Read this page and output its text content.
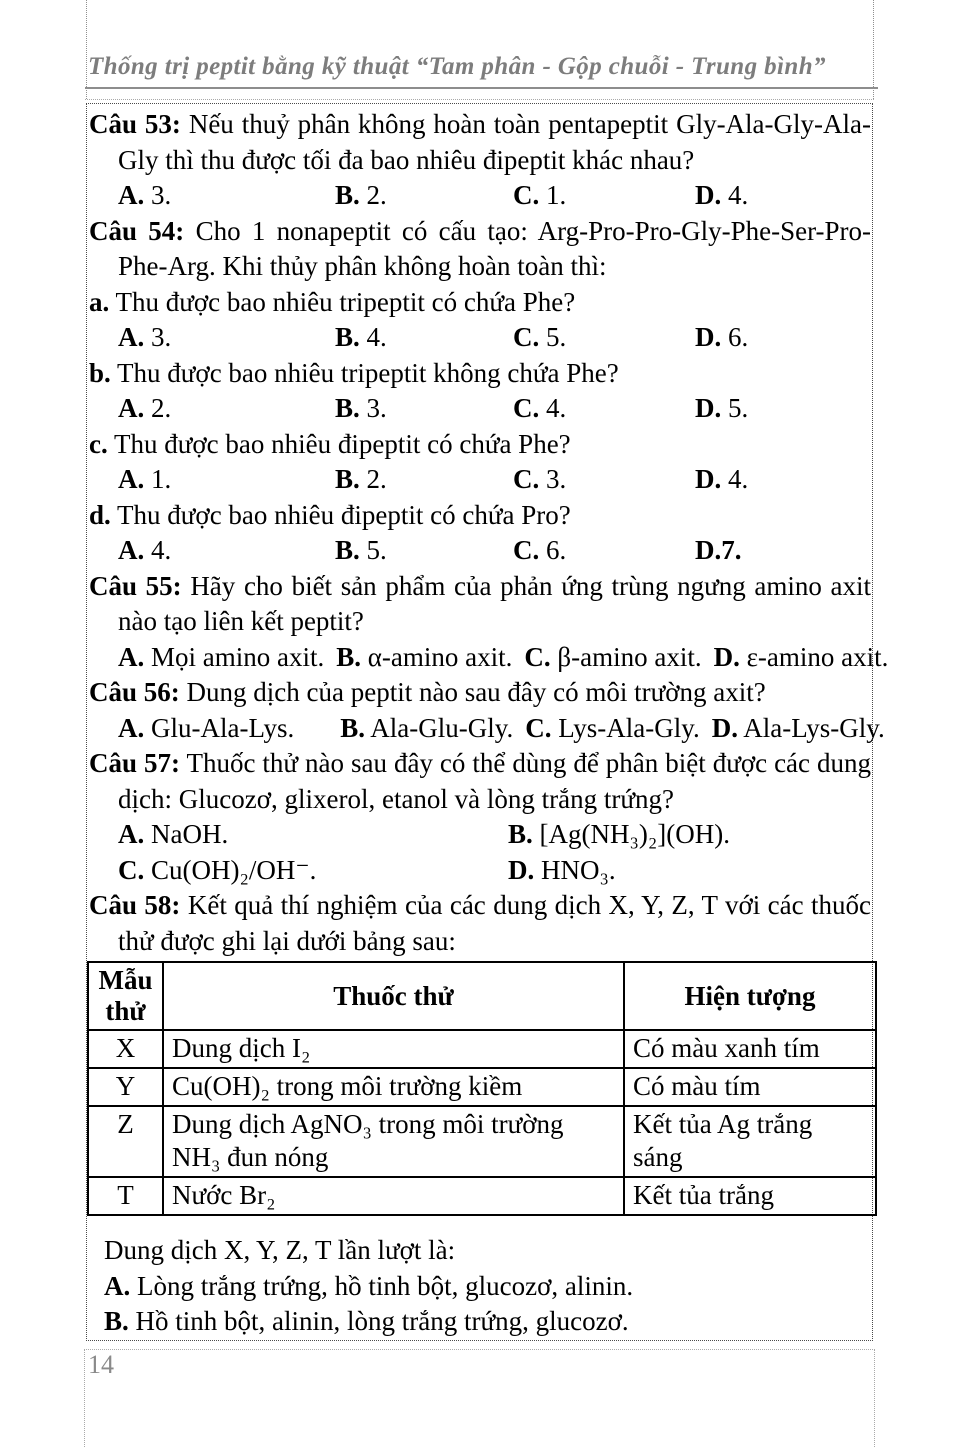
Thống trị peptit bằng kỹ thuật “Tam phân - Gộp chuỗi - Trung bình”

Câu 53: Nếu thuỷ phân không hoàn toàn pentapeptit Gly-Ala-Gly-Ala-Gly thì thu được tối đa bao nhiêu đipeptit khác nhau?

A. 3.	B. 2.	C. 1.	D. 4.

Câu 54: Cho 1 nonapeptit có cấu tạo: Arg-Pro-Pro-Gly-Phe-Ser-Pro-Phe-Arg. Khi thủy phân không hoàn toàn thì:

a. Thu được bao nhiêu tripeptit có chứa Phe?

A. 3.	B. 4.	C. 5.	D. 6.

b. Thu được bao nhiêu tripeptit không chứa Phe?

A. 2.	B. 3.	C. 4.	D. 5.

c. Thu được bao nhiêu đipeptit có chứa Phe?

A. 1.	B. 2.	C. 3.	D. 4.

d. Thu được bao nhiêu đipeptit có chứa Pro?

A. 4.	B. 5.	C. 6.	D.7.

Câu 55: Hãy cho biết sản phẩm của phản ứng trùng ngưng amino axit nào tạo liên kết peptit?

A. Mọi amino axit. B. α-amino axit. C. β-amino axit. D. ε-amino axit.

Câu 56: Dung dịch của peptit nào sau đây có môi trường axit?

A. Glu-Ala-Lys. B. Ala-Glu-Gly. C. Lys-Ala-Gly. D. Ala-Lys-Gly.

Câu 57: Thuốc thử nào sau đây có thể dùng để phân biệt được các dung dịch: Glucozơ, glixerol, etanol và lòng trắng trứng?

A. NaOH.	B. [Ag(NH₃)₂](OH).
C. Cu(OH)₂/OH⁻.	D. HNO₃.

Câu 58: Kết quả thí nghiệm của các dung dịch X, Y, Z, T với các thuốc thử được ghi lại dưới bảng sau:

Mẫu thử	Thuốc thử	Hiện tượng
X	Dung dịch I₂	Có màu xanh tím
Y	Cu(OH)₂ trong môi trường kiềm	Có màu tím
Z	Dung dịch AgNO₃ trong môi trường NH₃ đun nóng	Kết tủa Ag trắng sáng
T	Nước Br₂	Kết tủa trắng

Dung dịch X, Y, Z, T lần lượt là:

A. Lòng trắng trứng, hồ tinh bột, glucozơ, alinin.

B. Hồ tinh bột, alinin, lòng trắng trứng, glucozơ.

14
